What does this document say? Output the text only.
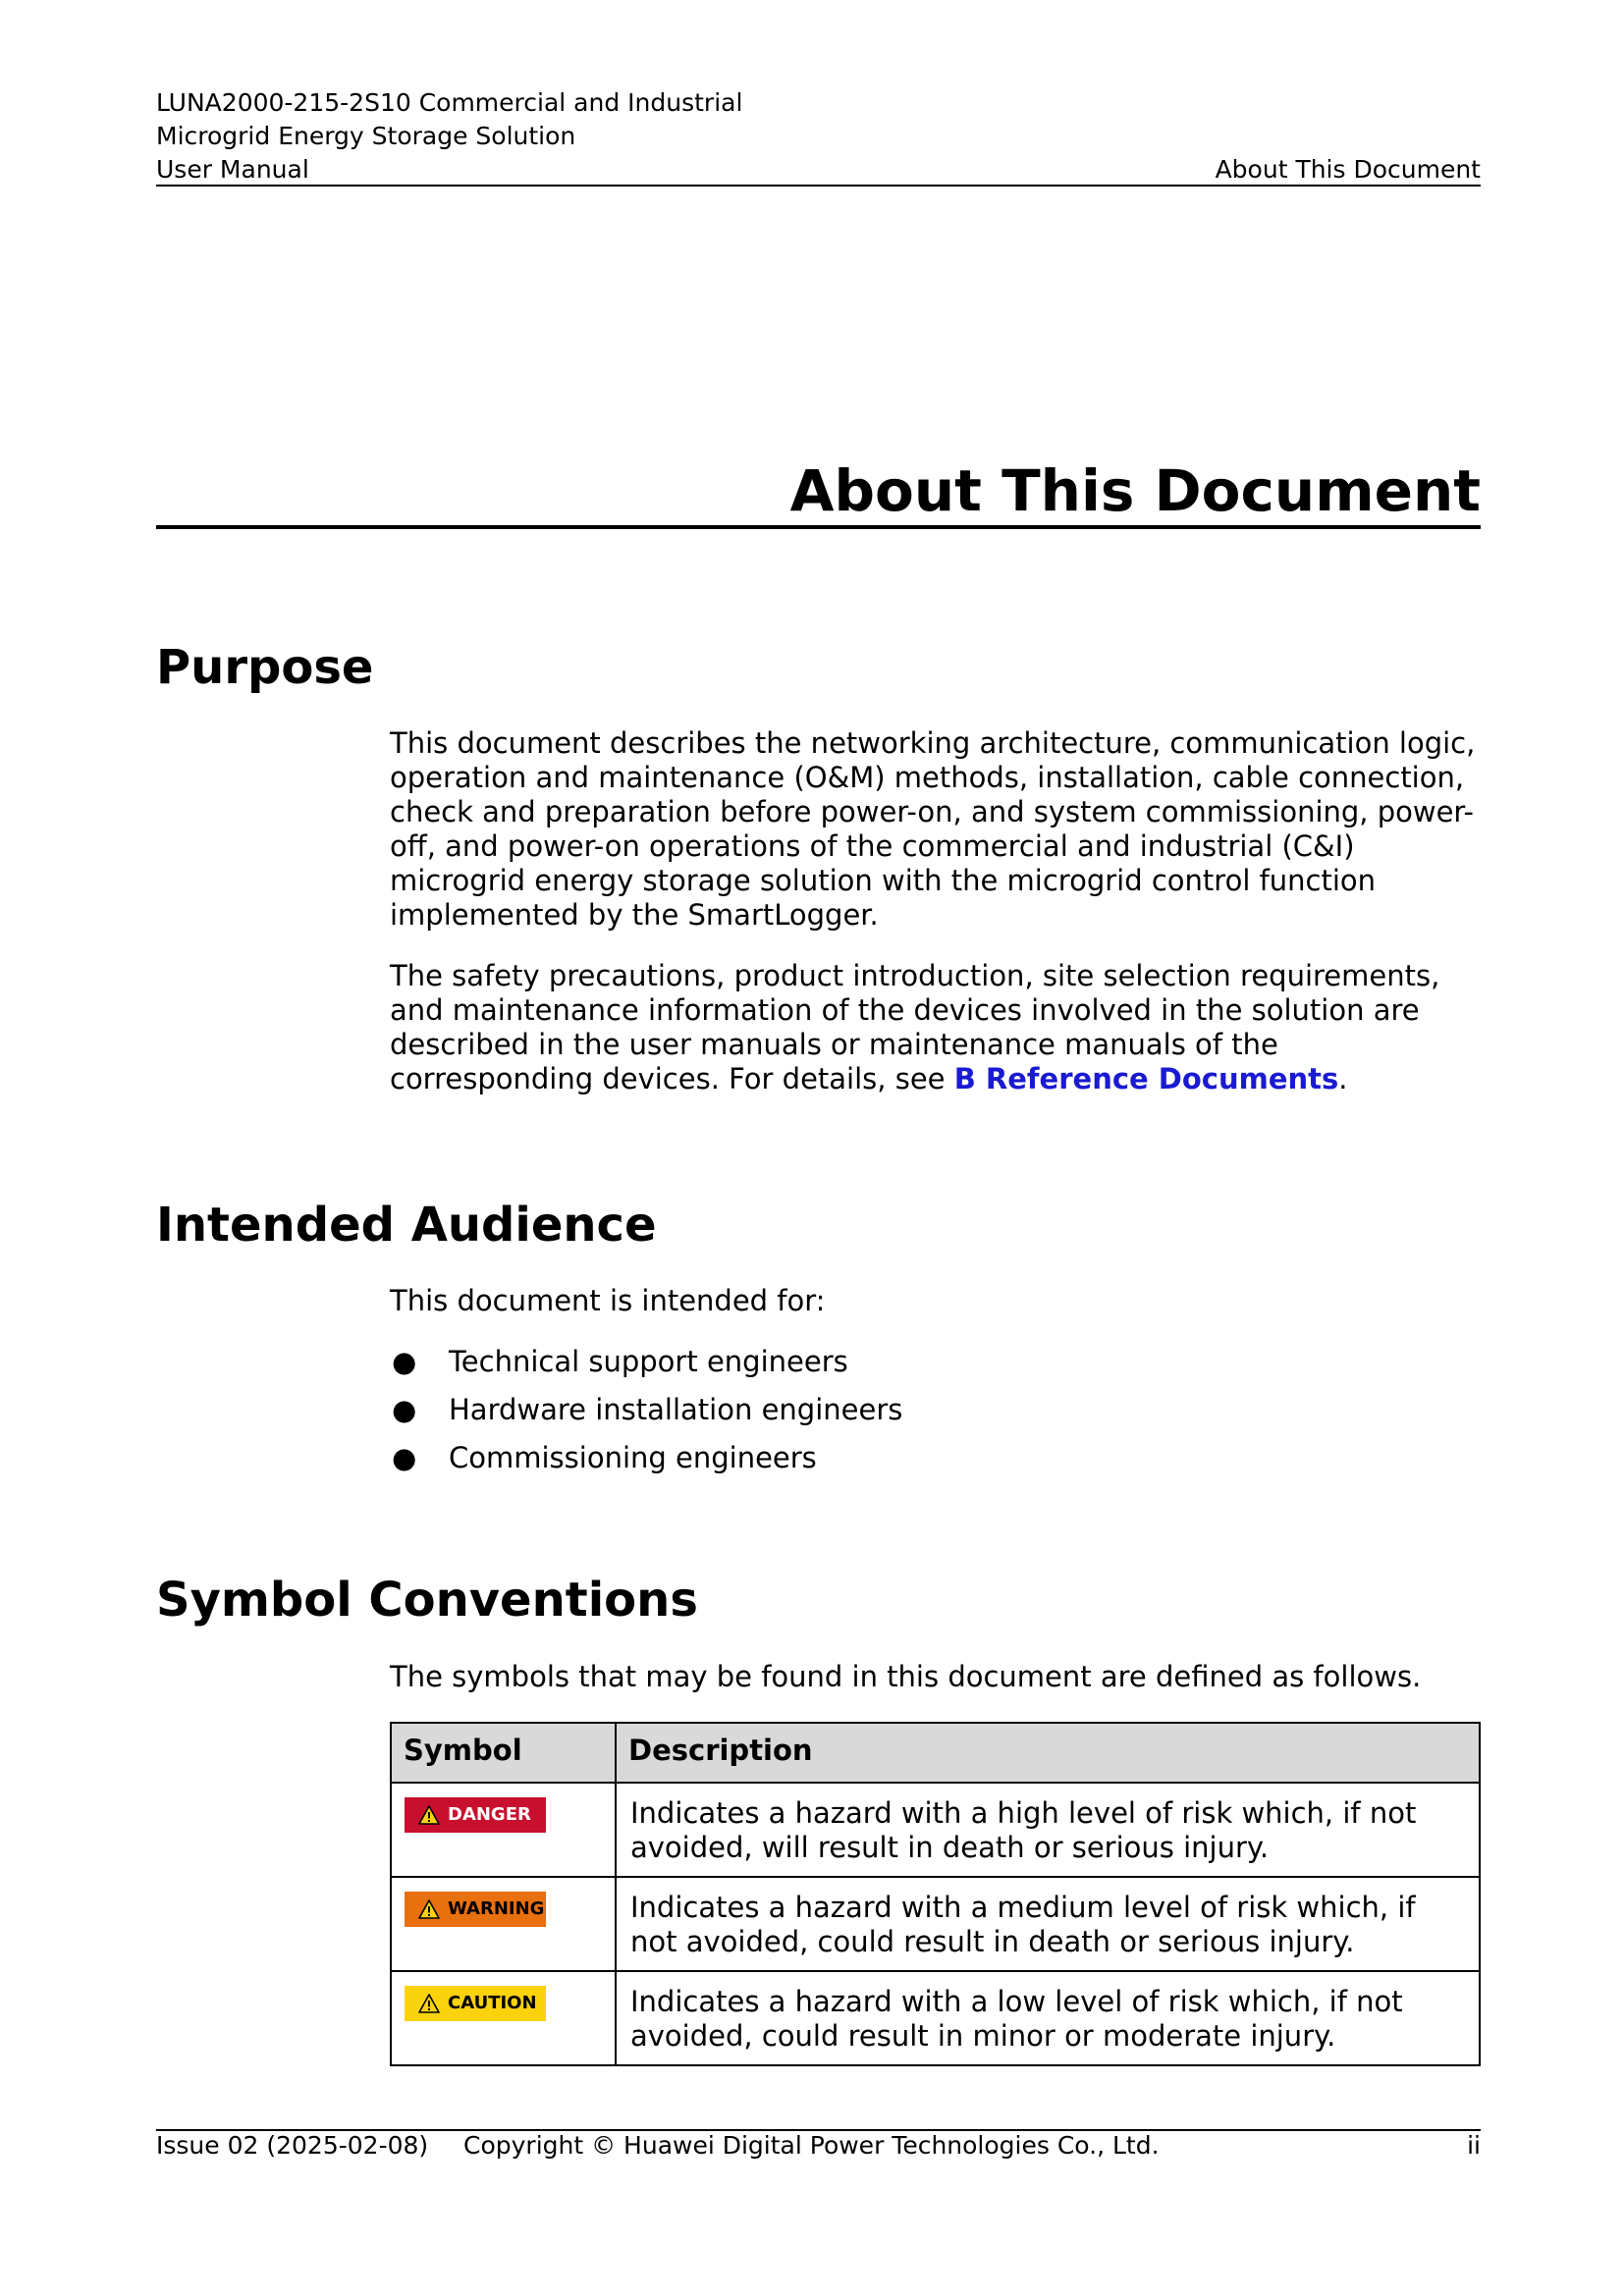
LUNA2000-215-2S10 Commercial and Industrial
Microgrid Energy Storage Solution
User Manual	About This Document
About This Document
Purpose

This document describes the networking architecture, communication logic, operation and maintenance (O&M) methods, installation, cable connection, check and preparation before power-on, and system commissioning, power-off, and power-on operations of the commercial and industrial (C&I) microgrid energy storage solution with the microgrid control function implemented by the SmartLogger.

The safety precautions, product introduction, site selection requirements, and maintenance information of the devices involved in the solution are described in the user manuals or maintenance manuals of the corresponding devices. For details, see B Reference Documents.

Intended Audience

This document is intended for:

● Technical support engineers
● Hardware installation engineers
● Commissioning engineers
Symbol Conventions
The symbols that may be found in this document are defined as follows.
Symbol	Description

DANGER	Indicates a hazard with a high level of risk which, if not avoided, will result in death or serious injury.

WARNING	Indicates a hazard with a medium level of risk which, if not avoided, could result in death or serious injury.

CAUTION	Indicates a hazard with a low level of risk which, if not avoided, could result in minor or moderate injury.
Issue 02 (2025-02-08)	Copyright © Huawei Digital Power Technologies Co., Ltd.	ii
